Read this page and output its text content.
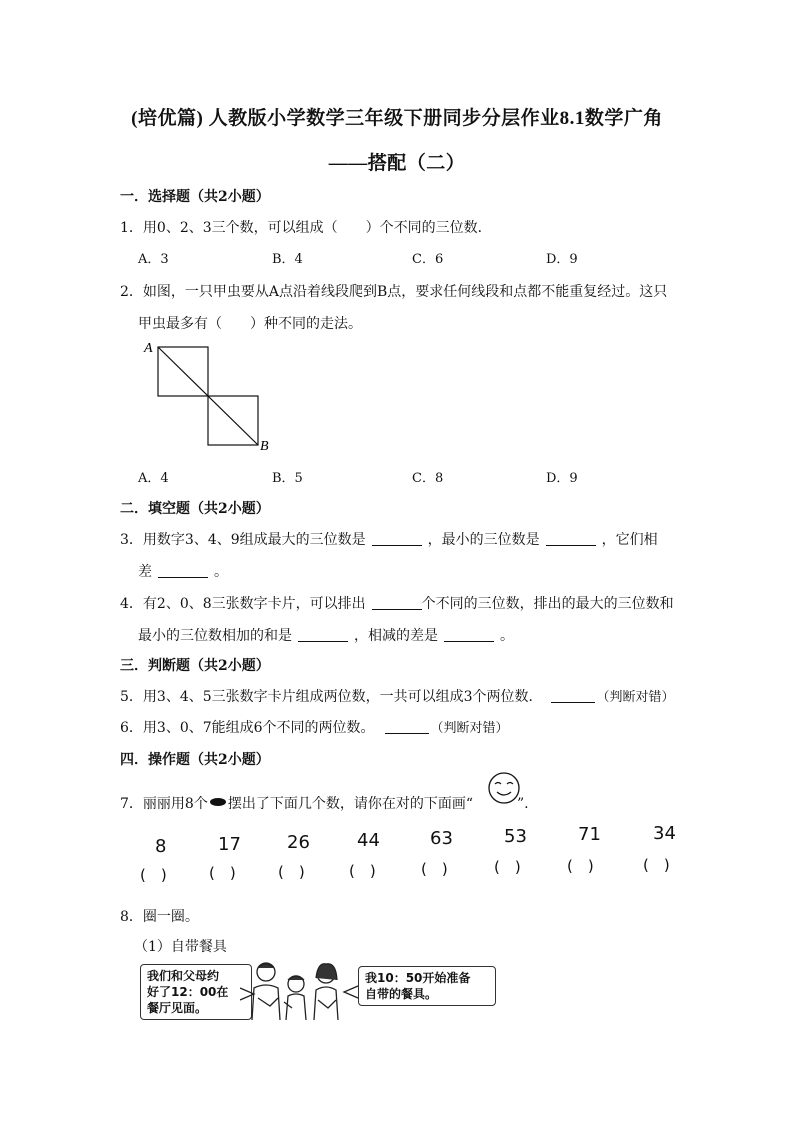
(培优篇) 人教版小学数学三年级下册同步分层作业8.1数学广角
——搭配（二）
一．选择题（共2小题）
1．用0、2、3三个数，可以组成（　　）个不同的三位数．
A．3	B．4	C．6	D．9
2．如图，一只甲虫要从A点沿着线段爬到B点，要求任何线段和点都不能重复经过。这只
甲虫最多有（　　）种不同的走法。
A
B
A．4	B．5	C．8	D．9
二．填空题（共2小题）
3．用数字3、4、9组成最大的三位数是	，最小的三位数是	，它们相
差	。
4．有2、0、8三张数字卡片，可以排出	个不同的三位数，排出的最大的三位数和
最小的三位数相加的和是	，相减的差是	。
三．判断题（共2小题）
5．用3、4、5三张数字卡片组成两位数，一共可以组成3个两位数．	（判断对错）
6．用3、0、7能组成6个不同的两位数。	（判断对错）
四．操作题（共2小题）
7．丽丽用8个 摆出了下面几个数，请你在对的下面画“	”.
8	17	26	44	63	53	71	34
(　)	(　)	(　)	(　)	(　)	(　)	(　)	(　)
8．圈一圈。
（1）自带餐具
我们和父母约
好了12：00在
餐厅见面。
我10：50开始准备
自带的餐具。
